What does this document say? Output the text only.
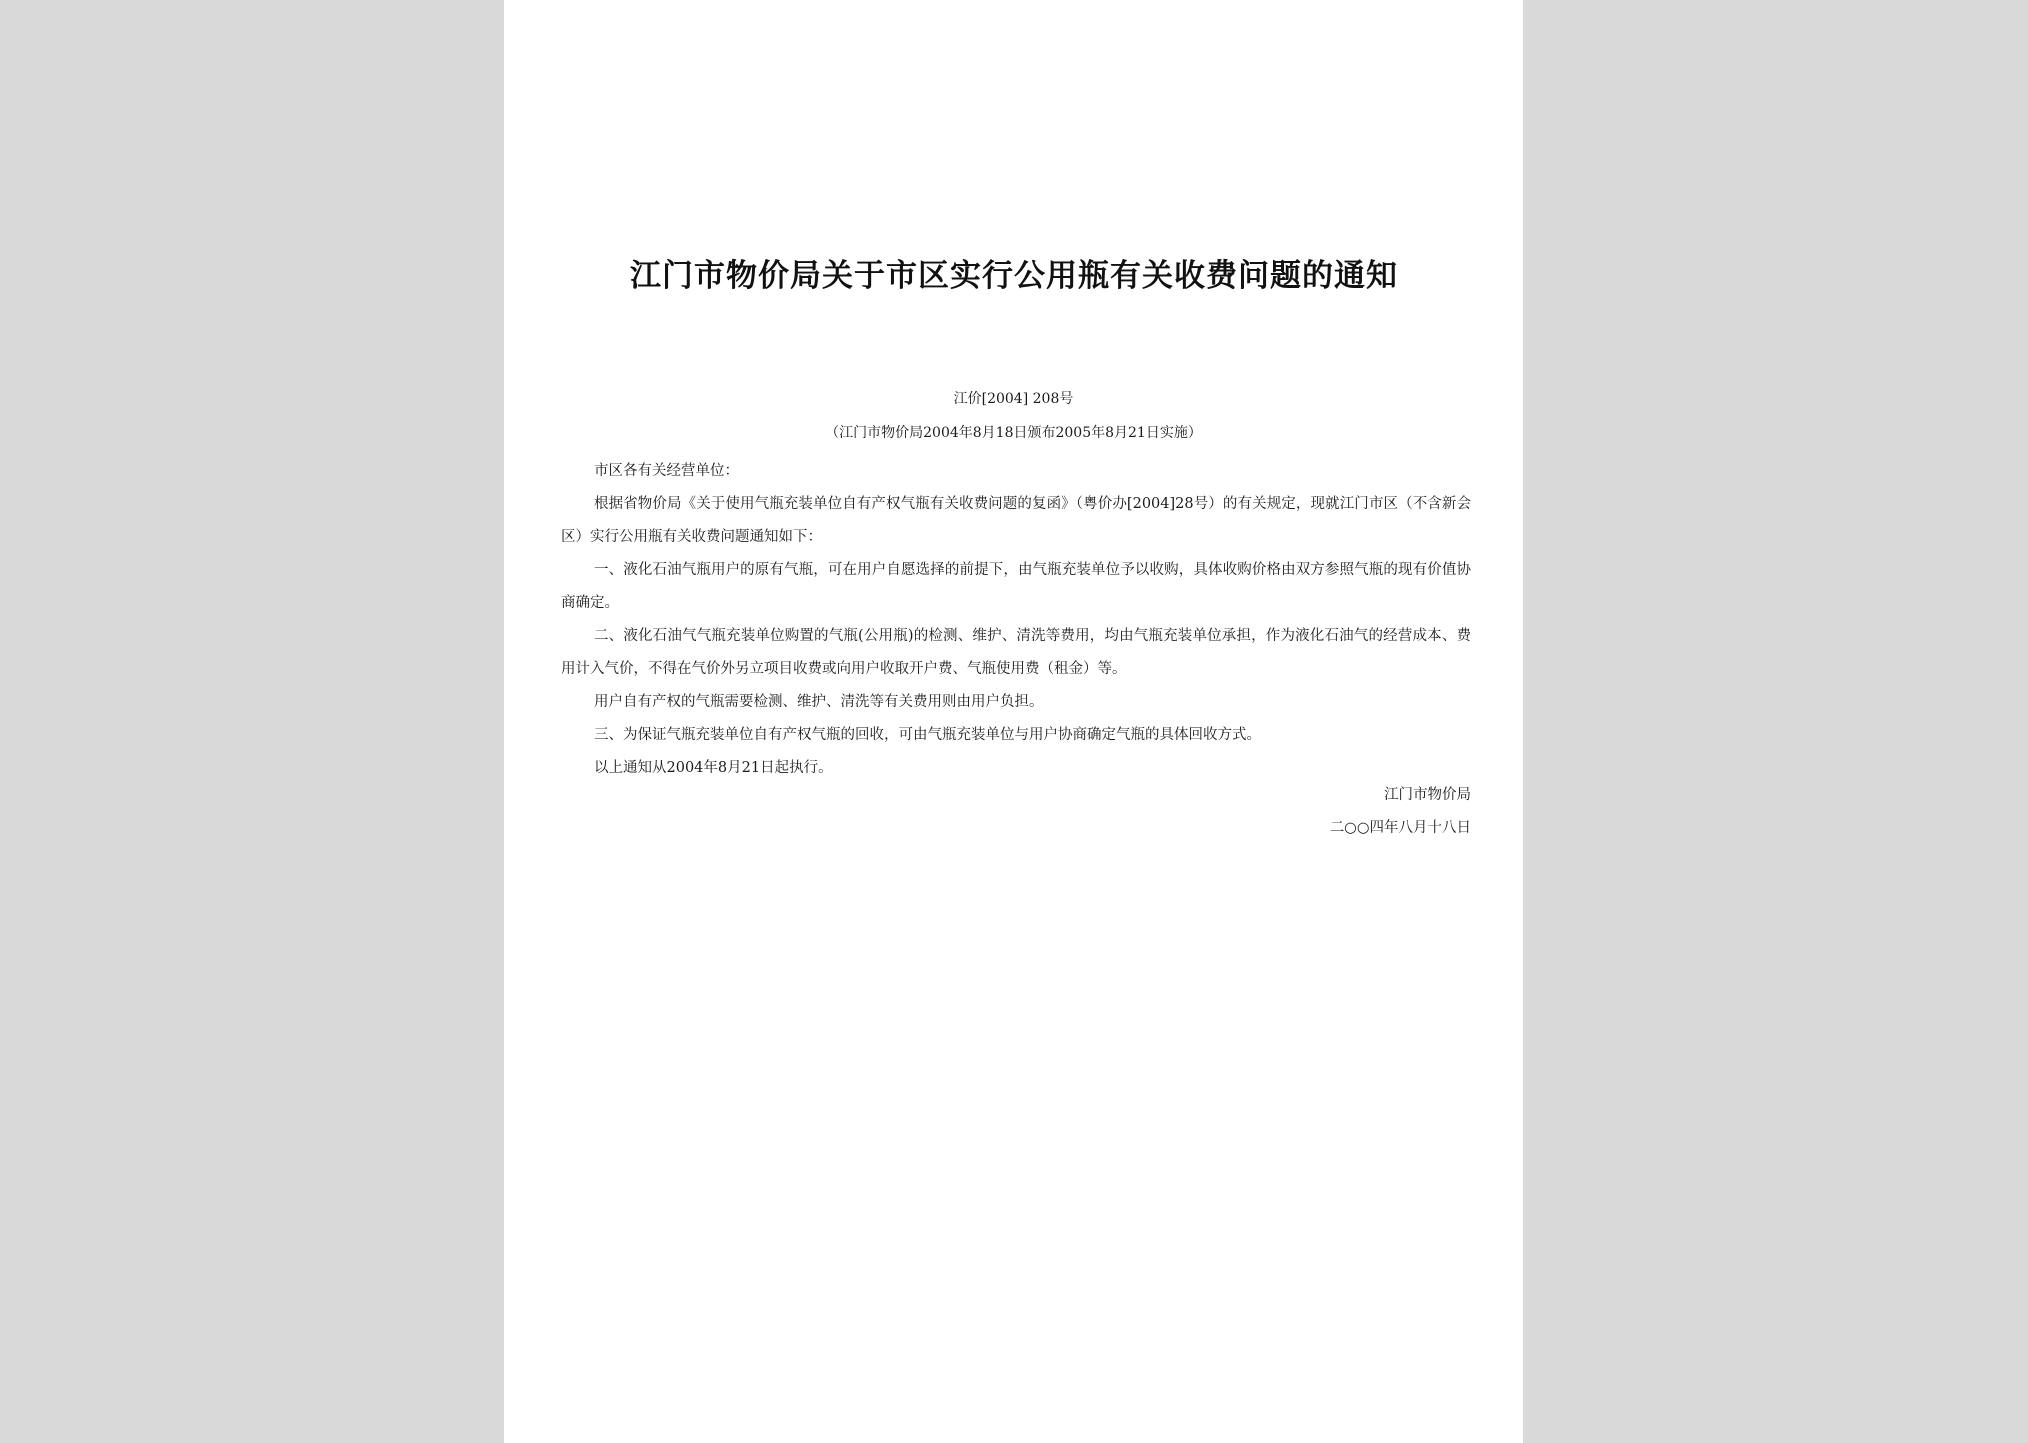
江门市物价局关于市区实行公用瓶有关收费问题的通知
江价[2004] 208号
（江门市物价局2004年8月18日颁布2005年8月21日实施）

市区各有关经营单位：

根据省物价局《关于使用气瓶充装单位自有产权气瓶有关收费问题的复函》（粤价办[2004]28号）的有关规定，现就江门市区（不含新会区）实行公用瓶有关收费问题通知如下：

一、液化石油气瓶用户的原有气瓶，可在用户自愿选择的前提下，由气瓶充装单位予以收购，具体收购价格由双方参照气瓶的现有价值协商确定。

二、液化石油气气瓶充装单位购置的气瓶(公用瓶)的检测、维护、清洗等费用，均由气瓶充装单位承担，作为液化石油气的经营成本、费用计入气价，不得在气价外另立项目收费或向用户收取开户费、气瓶使用费（租金）等。

用户自有产权的气瓶需要检测、维护、清洗等有关费用则由用户负担。

三、为保证气瓶充装单位自有产权气瓶的回收，可由气瓶充装单位与用户协商确定气瓶的具体回收方式。

以上通知从2004年8月21日起执行。

江门市物价局
二○○四年八月十八日
